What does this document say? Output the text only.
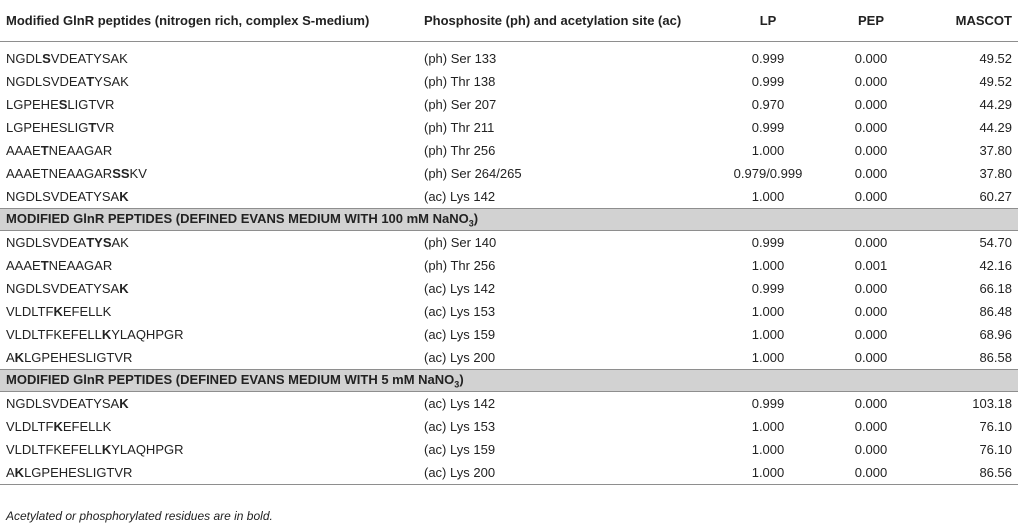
Modified GlnR peptides (nitrogen rich, complex S-medium)	Phosphosite (ph) and acetylation site (ac)	LP	PEP	MASCOT

NGDLSVDEATYSAK	(ph) Ser 133	0.999	0.000	49.52
NGDLSVDEATYSAK	(ph) Thr 138	0.999	0.000	49.52
LGPEHESLIGTVR	(ph) Ser 207	0.970	0.000	44.29
LGPEHESLIGTVR	(ph) Thr 211	0.999	0.000	44.29
AAAETNEAAGAR	(ph) Thr 256	1.000	0.000	37.80
AAAETNEAAGARSSKV	(ph) Ser 264/265	0.979/0.999	0.000	37.80
NGDLSVDEATYSAK	(ac) Lys 142	1.000	0.000	60.27
MODIFIED GlnR PEPTIDES (DEFINED EVANS MEDIUM WITH 100 mM NaNO$_3$)				
NGDLSVDEATYSAK	(ph) Ser 140	0.999	0.000	54.70
AAAETNEAAGAR	(ph) Thr 256	1.000	0.001	42.16
NGDLSVDEATYSAK	(ac) Lys 142	0.999	0.000	66.18
VLDLTFKEFELLK	(ac) Lys 153	1.000	0.000	86.48
VLDLTFKEFELLKYLAQHPGR	(ac) Lys 159	1.000	0.000	68.96
AKLGPEHESLIGTVR	(ac) Lys 200	1.000	0.000	86.58
MODIFIED GlnR PEPTIDES (DEFINED EVANS MEDIUM WITH 5 mM NaNO$_3$)				
NGDLSVDEATYSAK	(ac) Lys 142	0.999	0.000	103.18
VLDLTFKEFELLK	(ac) Lys 153	1.000	0.000	76.10
VLDLTFKEFELLKYLAQHPGR	(ac) Lys 159	1.000	0.000	76.10
AKLGPEHESLIGTVR	(ac) Lys 200	1.000	0.000	86.56
Acetylated or phosphorylated residues are in bold.
